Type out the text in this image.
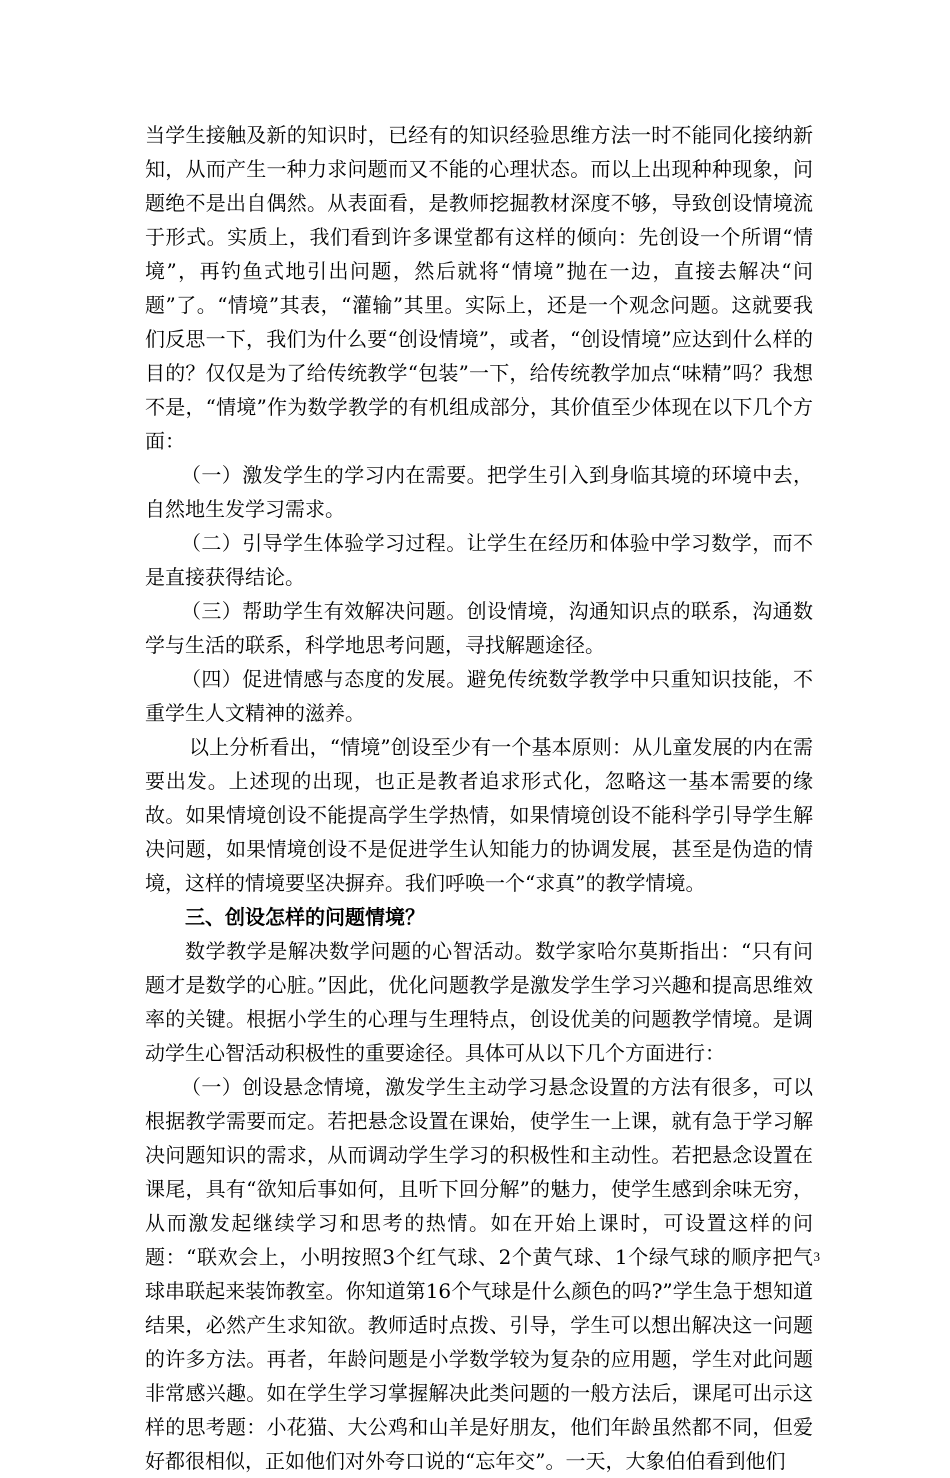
当学生接触及新的知识时，已经有的知识经验思维方法一时不能同化接纳新知，从而产生一种力求问题而又不能的心理状态。而以上出现种种现象，问题绝不是出自偶然。从表面看，是教师挖掘教材深度不够，导致创设情境流于形式。实质上，我们看到许多课堂都有这样的倾向：先创设一个所谓“情境”，再钓鱼式地引出问题，然后就将“情境”抛在一边，直接去解决“问题”了。“情境”其表，“灌输”其里。实际上，还是一个观念问题。这就要我们反思一下，我们为什么要“创设情境”，或者，“创设情境”应达到什么样的目的？仅仅是为了给传统教学“包装”一下，给传统教学加点“味精”吗？我想不是，“情境”作为数学教学的有机组成部分，其价值至少体现在以下几个方面：

（一）激发学生的学习内在需要。把学生引入到身临其境的环境中去，自然地生发学习需求。

（二）引导学生体验学习过程。让学生在经历和体验中学习数学，而不是直接获得结论。

（三）帮助学生有效解决问题。创设情境，沟通知识点的联系，沟通数学与生活的联系，科学地思考问题，寻找解题途径。

（四）促进情感与态度的发展。避免传统数学教学中只重知识技能，不重学生人文精神的滋养。

以上分析看出，“情境”创设至少有一个基本原则：从儿童发展的内在需要出发。上述现的出现，也正是教者追求形式化，忽略这一基本需要的缘故。如果情境创设不能提高学生学热情，如果情境创设不能科学引导学生解决问题，如果情境创设不是促进学生认知能力的协调发展，甚至是伪造的情境，这样的情境要坚决摒弃。我们呼唤一个“求真”的教学情境。

三、创设怎样的问题情境？

数学教学是解决数学问题的心智活动。数学家哈尔莫斯指出：“只有问题才是数学的心脏。”因此，优化问题教学是激发学生学习兴趣和提高思维效率的关键。根据小学生的心理与生理特点，创设优美的问题教学情境。是调动学生心智活动积极性的重要途径。具体可从以下几个方面进行：

（一）创设悬念情境，激发学生主动学习悬念设置的方法有很多，可以根据教学需要而定。若把悬念设置在课始，使学生一上课，就有急于学习解决问题知识的需求，从而调动学生学习的积极性和主动性。若把悬念设置在课尾，具有“欲知后事如何，且听下回分解”的魅力，使学生感到余味无穷，从而激发起继续学习和思考的热情。如在开始上课时，可设置这样的问题：“联欢会上，小明按照3个红气球、2个黄气球、1个绿气球的顺序把气球串联起来装饰教室。你知道第16个气球是什么颜色的吗?”学生急于想知道结果，必然产生求知欲。教师适时点拨、引导，学生可以想出解决这一问题的许多方法。再者，年龄问题是小学数学较为复杂的应用题，学生对此问题非常感兴趣。如在学生学习掌握解决此类问题的一般方法后，课尾可出示这样的思考题：小花猫、大公鸡和山羊是好朋友，他们年龄虽然都不同，但爱好都很相似，正如他们对外夸口说的“忘年交”。一天，大象伯伯看到他们

3
